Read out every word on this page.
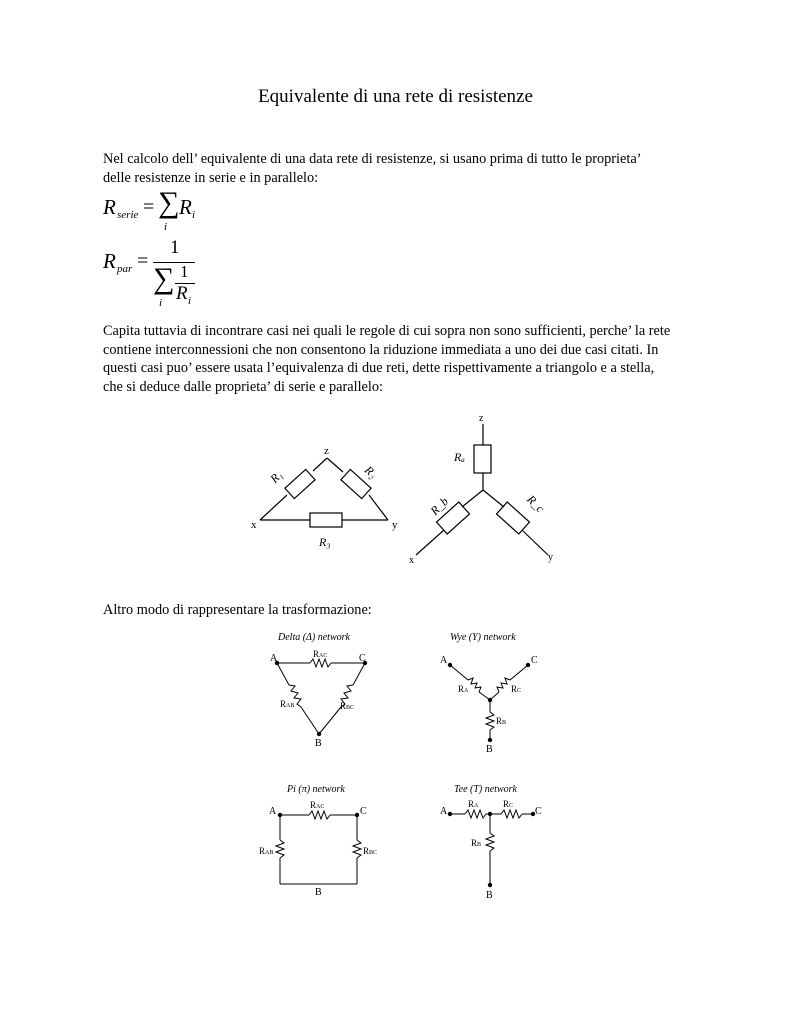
Equivalente di una rete di resistenze
Nel calcolo dell’ equivalente di una data rete di resistenze, si usano prima di tutto le proprieta’
delle resistenze in serie e in parallelo:
R serie = ∑
i
R i
R par =
1
∑
i
1
R i
Capita tuttavia di incontrare casi nei quali le regole di cui sopra non sono sufficienti, perche’ la rete
contiene interconnessioni che non consentono la riduzione immediata a uno dei due casi citati. In
questi casi puo’ essere usata l’equivalenza di due reti, dette rispettivamente a triangolo e a stella,
che si deduce dalle proprieta’ di serie e parallelo:
z
x	y
R₁	R₂
R₃
z
x	y
Rₐ
R_b	R_c
Altro modo di rappresentare la trasformazione:
Delta (Δ) network
A	C
B
RAC
RAB	RBC
Wye (Y) network
A	C
B
RA	RC
RB
Pi (π) network
A	C
B
RAC
RAB	RBC
Tee (T) network
A	C
B
RA	RC
RB
